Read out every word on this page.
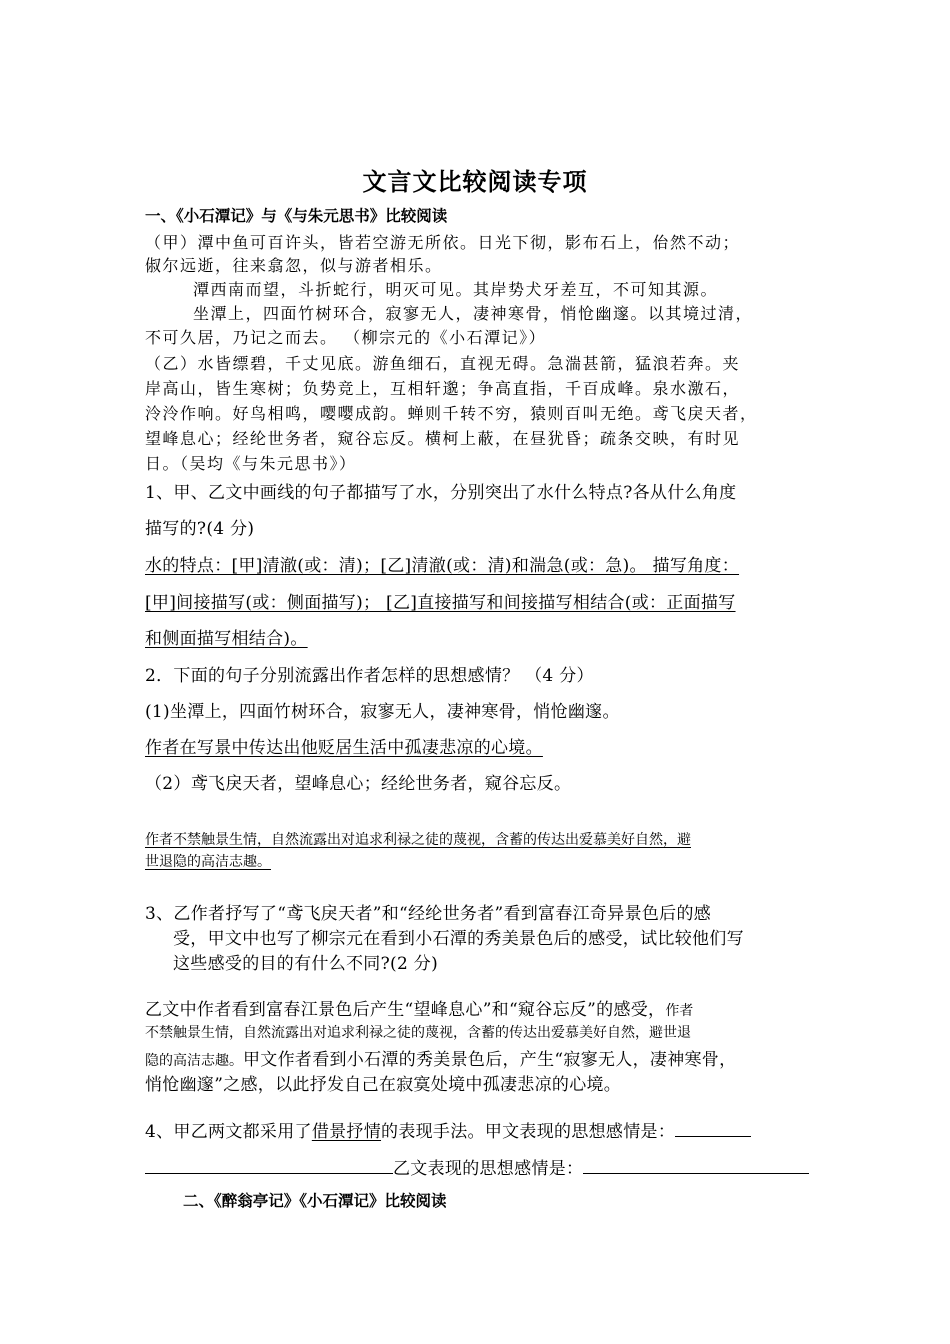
文言文比较阅读专项
一、《小石潭记》与《与朱元思书》比较阅读
（甲）潭中鱼可百许头，皆若空游无所依。日光下彻，影布石上，佁然不动；
俶尔远逝，往来翕忽，似与游者相乐。
潭西南而望，斗折蛇行，明灭可见。其岸势犬牙差互，不可知其源。
坐潭上，四面竹树环合，寂寥无人，凄神寒骨，悄怆幽邃。以其境过清，
不可久居，乃记之而去。 （柳宗元的《小石潭记》）
（乙）水皆缥碧，千丈见底。游鱼细石，直视无碍。急湍甚箭，猛浪若奔。夹
岸高山，皆生寒树；负势竞上，互相轩邈；争高直指，千百成峰。泉水激石，
泠泠作响。好鸟相鸣，嘤嘤成韵。蝉则千转不穷，猿则百叫无绝。鸢飞戾天者，
望峰息心；经纶世务者，窥谷忘反。横柯上蔽，在昼犹昏；疏条交映，有时见
日。（吴均《与朱元思书》）
1、甲、乙文中画线的句子都描写了水，分别突出了水什么特点?各从什么角度
描写的?(4 分)
水的特点：[甲]清澈(或：清)；[乙]清澈(或：清)和湍急(或：急)。 描写角度：
[甲]间接描写(或：侧面描写)； [乙]直接描写和间接描写相结合(或：正面描写
和侧面描写相结合)。
2．下面的句子分别流露出作者怎样的思想感情？ （4 分）
(1)坐潭上，四面竹树环合，寂寥无人，凄神寒骨，悄怆幽邃。
作者在写景中传达出他贬居生活中孤凄悲凉的心境。
（2）鸢飞戾天者，望峰息心；经纶世务者，窥谷忘反。
作者不禁触景生情，自然流露出对追求利禄之徒的蔑视，含蓄的传达出爱慕美好自然，避
世退隐的高洁志趣。
3、乙作者抒写了“鸢飞戾天者”和“经纶世务者”看到富春江奇异景色后的感
受，甲文中也写了柳宗元在看到小石潭的秀美景色后的感受，试比较他们写
这些感受的目的有什么不同?(2 分)
乙文中作者看到富春江景色后产生“望峰息心”和“窥谷忘反”的感受，作者
不禁触景生情，自然流露出对追求利禄之徒的蔑视，含蓄的传达出爱慕美好自然，避世退
隐的高洁志趣。甲文作者看到小石潭的秀美景色后，产生“寂寥无人，凄神寒骨，
悄怆幽邃”之感，以此抒发自己在寂寞处境中孤凄悲凉的心境。
4、甲乙两文都采用了借景抒情的表现手法。甲文表现的思想感情是：
乙文表现的思想感情是：
二、《醉翁亭记》《小石潭记》比较阅读
